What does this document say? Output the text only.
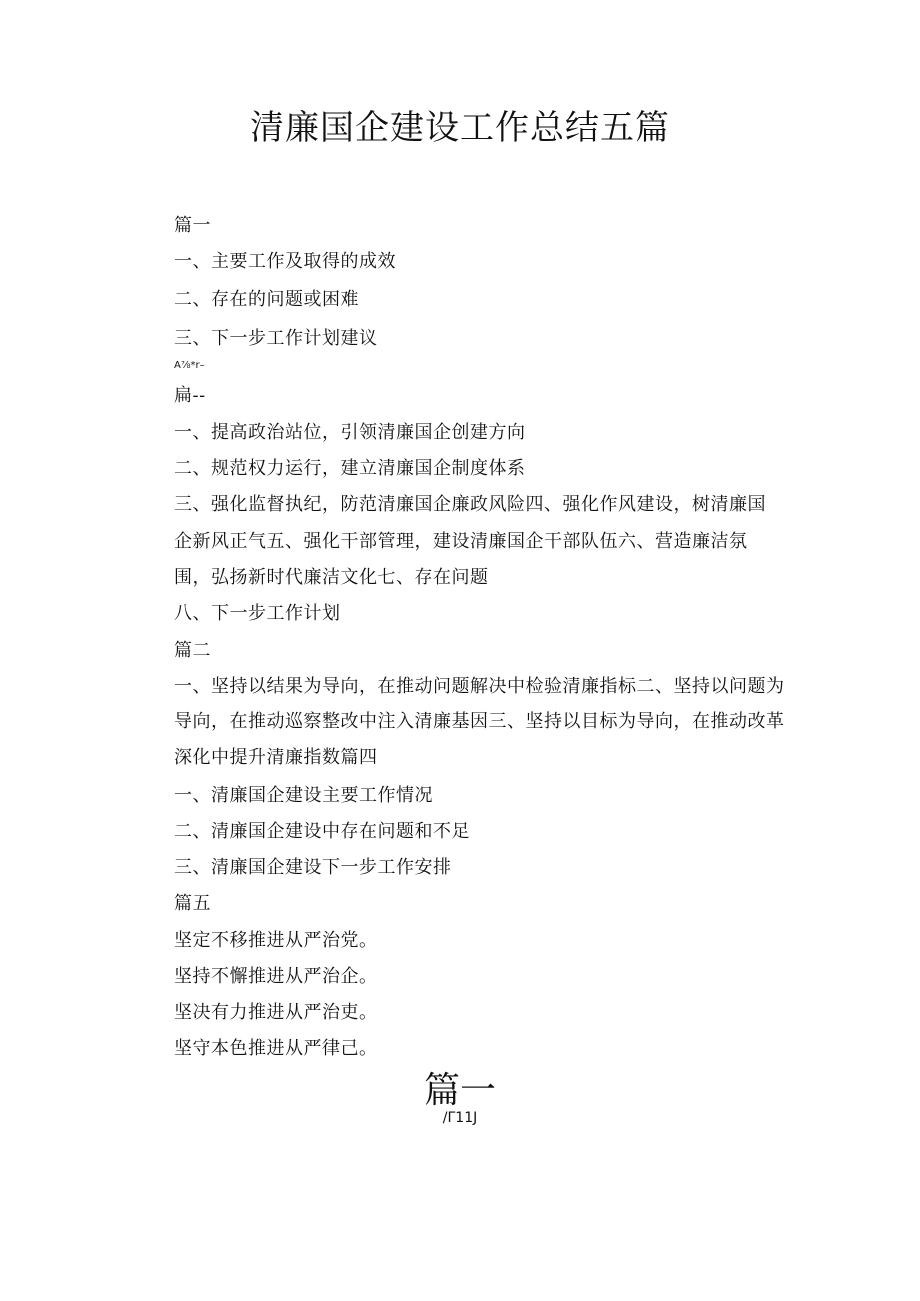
清廉国企建设工作总结五篇
篇一
一、主要工作及取得的成效
二、存在的问题或困难
三、下一步工作计划建议
A⅞*r–
扁--
一、提高政治站位，引领清廉国企创建方向
二、规范权力运行，建立清廉国企制度体系
三、强化监督执纪，防范清廉国企廉政风险四、强化作风建设，树清廉国
企新风正气五、强化干部管理，建设清廉国企干部队伍六、营造廉洁氛
围，弘扬新时代廉洁文化七、存在问题
八、下一步工作计划
篇二
一、坚持以结果为导向，在推动问题解决中检验清廉指标二、坚持以问题为
导向，在推动巡察整改中注入清廉基因三、坚持以目标为导向，在推动改革
深化中提升清廉指数篇四
一、清廉国企建设主要工作情况
二、清廉国企建设中存在问题和不足
三、清廉国企建设下一步工作安排
篇五
坚定不移推进从严治党。
坚持不懈推进从严治企。
坚决有力推进从严治吏。
坚守本色推进从严律己。
篇一
/Γ11J
